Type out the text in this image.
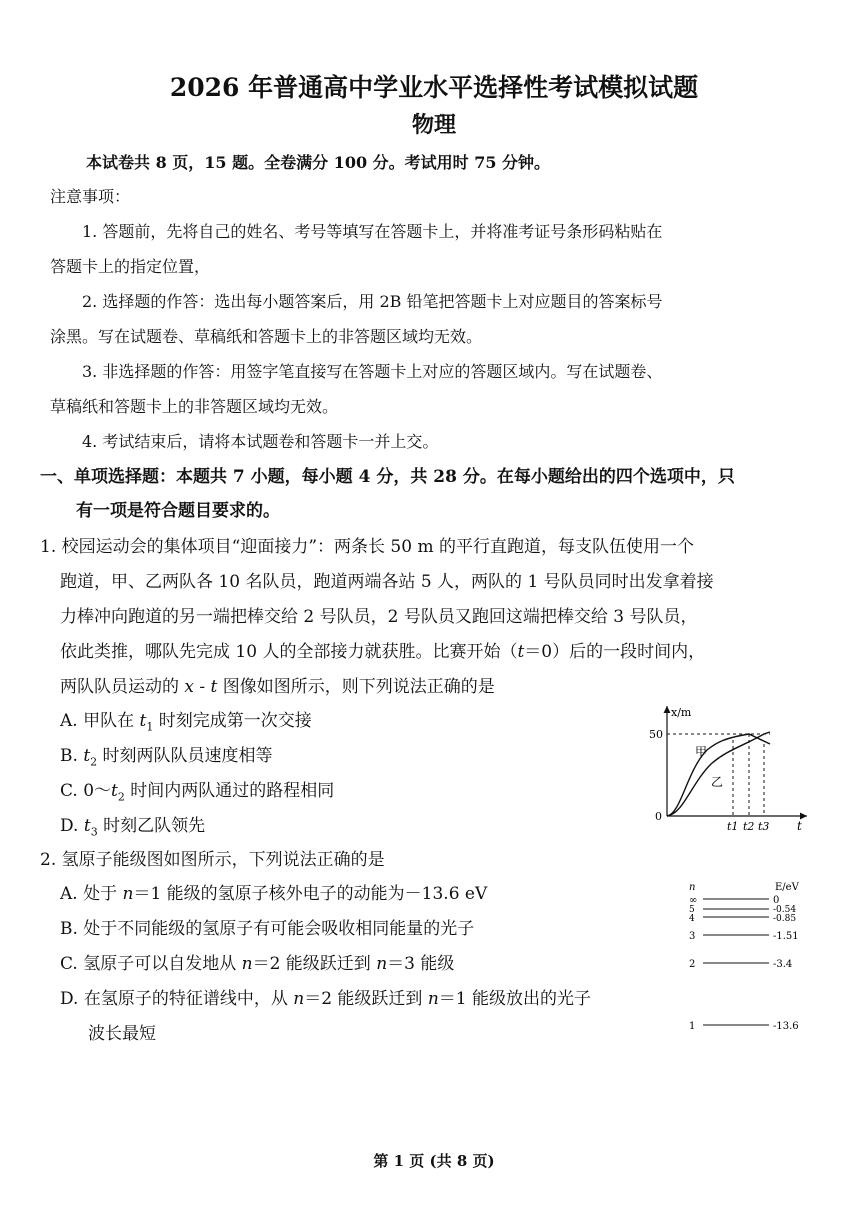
2026 年普通高中学业水平选择性考试模拟试题
物理
本试卷共 8 页，15 题。全卷满分 100 分。考试用时 75 分钟。
注意事项：
1. 答题前，先将自己的姓名、考号等填写在答题卡上，并将准考证号条形码粘贴在
答题卡上的指定位置，
2. 选择题的作答：选出每小题答案后，用 2B 铅笔把答题卡上对应题目的答案标号
涂黑。写在试题卷、草稿纸和答题卡上的非答题区域均无效。
3. 非选择题的作答：用签字笔直接写在答题卡上对应的答题区域内。写在试题卷、
草稿纸和答题卡上的非答题区域均无效。
4. 考试结束后，请将本试题卷和答题卡一并上交。
一、单项选择题：本题共 7 小题，每小题 4 分，共 28 分。在每小题给出的四个选项中，只
有一项是符合题目要求的。
1. 校园运动会的集体项目“迎面接力”：两条长 50 m 的平行直跑道，每支队伍使用一个
跑道，甲、乙两队各 10 名队员，跑道两端各站 5 人，两队的 1 号队员同时出发拿着接
力棒冲向跑道的另一端把棒交给 2 号队员，2 号队员又跑回这端把棒交给 3 号队员，
依此类推，哪队先完成 10 人的全部接力就获胜。比赛开始（t＝0）后的一段时间内，
两队队员运动的 x - t 图像如图所示，则下列说法正确的是
A. 甲队在 $t_1$ 时刻完成第一次交接
B. $t_2$ 时刻两队队员速度相等
C. $0\sim t_2$ 时间内两队通过的路程相同
D. $t_3$ 时刻乙队领先
x/m
t
50
0
甲
乙
t1 t2 t3
2. 氢原子能级图如图所示，下列说法正确的是
A. 处于 n＝1 能级的氢原子核外电子的动能为－13.6 eV
B. 处于不同能级的氢原子有可能会吸收相同能量的光子
C. 氢原子可以自发地从 n＝2 能级跃迁到 n＝3 能级
D. 在氢原子的特征谱线中，从 n＝2 能级跃迁到 n＝1 能级放出的光子
波长最短
n	E/eV
∞	0
5	-0.54
4	-0.85
3	-1.51
2	-3.4
1	-13.6
第 1 页 (共 8 页)
